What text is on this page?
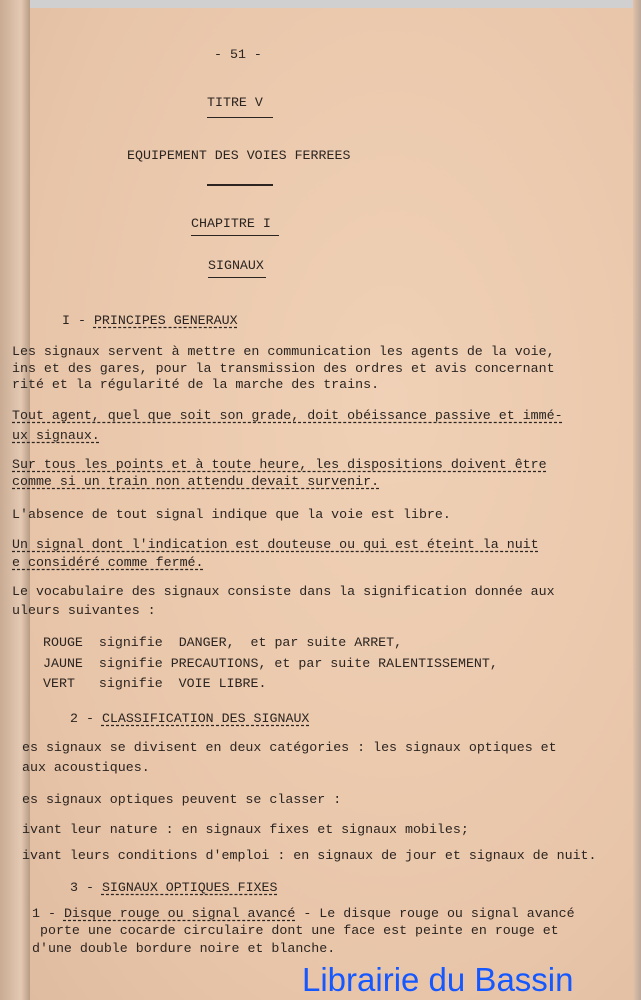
- 51 -
TITRE V
EQUIPEMENT DES VOIES FERREES
CHAPITRE I
SIGNAUX
I - PRINCIPES GENERAUX
Les signaux servent à mettre en communication les agents de la voie,
ins et des gares, pour la transmission des ordres et avis concernant
rité et la régularité de la marche des trains.
Tout agent, quel que soit son grade, doit obéissance passive et immé-
ux signaux.
Sur tous les points et à toute heure, les dispositions doivent être
comme si un train non attendu devait survenir.
L'absence de tout signal indique que la voie est libre.
Un signal dont l'indication est douteuse ou qui est éteint la nuit
e considéré comme fermé.
Le vocabulaire des signaux consiste dans la signification donnée aux
uleurs suivantes :
ROUGE signifie DANGER,  et par suite ARRET,
JAUNE signifie PRECAUTIONS, et par suite RALENTISSEMENT,
VERT signifie  VOIE LIBRE.
2 - CLASSIFICATION DES SIGNAUX
es signaux se divisent en deux catégories : les signaux optiques et
aux acoustiques.
es signaux optiques peuvent se classer :
ivant leur nature : en signaux fixes et signaux mobiles;
ivant leurs conditions d'emploi : en signaux de jour et signaux de nuit.
3 - SIGNAUX OPTIQUES FIXES
1 - Disque rouge ou signal avancé - Le disque rouge ou signal avancé
porte une cocarde circulaire dont une face est peinte en rouge et
d'une double bordure noire et blanche.
Librairie du Bassin
